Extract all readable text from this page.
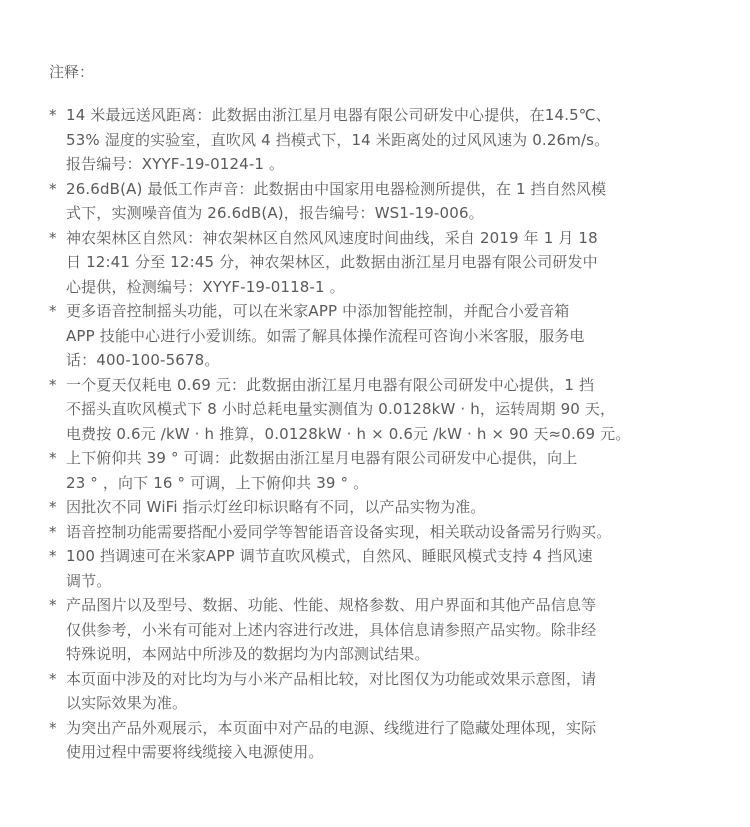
注释：
* 14 米最远送风距离：此数据由浙江星月电器有限公司研发中心提供，在14.5℃、
53% 湿度的实验室，直吹风 4 挡模式下，14 米距离处的过风风速为 0.26m/s。
报告编号：XYYF-19-0124-1 。
* 26.6dB(A) 最低工作声音：此数据由中国家用电器检测所提供，在 1 挡自然风模
式下，实测噪音值为 26.6dB(A)，报告编号：WS1-19-006。
* 神农架林区自然风：神农架林区自然风风速度时间曲线，采自 2019 年 1 月 18
日 12:41 分至 12:45 分，神农架林区，此数据由浙江星月电器有限公司研发中
心提供，检测编号：XYYF-19-0118-1 。
* 更多语音控制摇头功能，可以在米家APP 中添加智能控制，并配合小爱音箱
APP 技能中心进行小爱训练。如需了解具体操作流程可咨询小米客服，服务电
话：400-100-5678。
* 一个夏天仅耗电 0.69 元：此数据由浙江星月电器有限公司研发中心提供，1 挡
不摇头直吹风模式下 8 小时总耗电量实测值为 0.0128kW · h，运转周期 90 天，
电费按 0.6元 /kW · h 推算，0.0128kW · h × 0.6元 /kW · h × 90 天≈0.69 元。
* 上下俯仰共 39 ° 可调：此数据由浙江星月电器有限公司研发中心提供，向上
23 ° ，向下 16 ° 可调，上下俯仰共 39 ° 。
* 因批次不同 WiFi 指示灯丝印标识略有不同，以产品实物为准。
* 语音控制功能需要搭配小爱同学等智能语音设备实现，相关联动设备需另行购买。
* 100 挡调速可在米家APP 调节直吹风模式，自然风、睡眠风模式支持 4 挡风速
调节。
* 产品图片以及型号、数据、功能、性能、规格参数、用户界面和其他产品信息等
仅供参考，小米有可能对上述内容进行改进，具体信息请参照产品实物。除非经
特殊说明，本网站中所涉及的数据均为内部测试结果。
* 本页面中涉及的对比均为与小米产品相比较，对比图仅为功能或效果示意图，请
以实际效果为准。
* 为突出产品外观展示，本页面中对产品的电源、线缆进行了隐藏处理体现，实际
使用过程中需要将线缆接入电源使用。
